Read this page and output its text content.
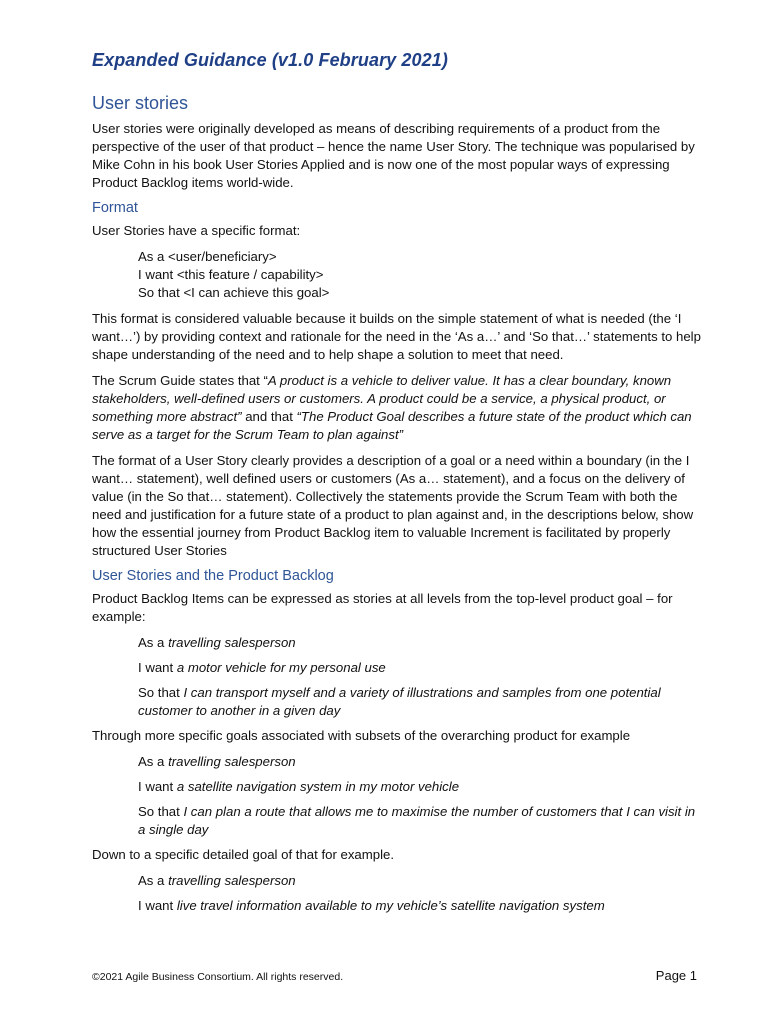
Expanded Guidance (v1.0 February 2021)
User stories

User stories were originally developed as means of describing requirements of a product from the perspective of the user of that product – hence the name User Story. The technique was popularised by Mike Cohn in his book User Stories Applied and is now one of the most popular ways of expressing Product Backlog items world-wide.

Format

User Stories have a specific format:

As a <user/beneficiary>
I want <this feature / capability>
So that <I can achieve this goal>

This format is considered valuable because it builds on the simple statement of what is needed (the ‘I want…’) by providing context and rationale for the need in the ‘As a…’ and ‘So that…’ statements to help shape understanding of the need and to help shape a solution to meet that need.

The Scrum Guide states that “A product is a vehicle to deliver value. It has a clear boundary, known stakeholders, well-defined users or customers. A product could be a service, a physical product, or something more abstract” and that “The Product Goal describes a future state of the product which can serve as a target for the Scrum Team to plan against”

The format of a User Story clearly provides a description of a goal or a need within a boundary (in the I want… statement), well defined users or customers (As a… statement), and a focus on the delivery of value (in the So that… statement). Collectively the statements provide the Scrum Team with both the need and justification for a future state of a product to plan against and, in the descriptions below, show how the essential journey from Product Backlog item to valuable Increment is facilitated by properly structured User Stories

User Stories and the Product Backlog

Product Backlog Items can be expressed as stories at all levels from the top-level product goal – for example:

As a travelling salesperson
I want a motor vehicle for my personal use
So that I can transport myself and a variety of illustrations and samples from one potential customer to another in a given day

Through more specific goals associated with subsets of the overarching product for example

As a travelling salesperson
I want a satellite navigation system in my motor vehicle
So that I can plan a route that allows me to maximise the number of customers that I can visit in a single day

Down to a specific detailed goal of that for example.

As a travelling salesperson
I want live travel information available to my vehicle’s satellite navigation system
©2021 Agile Business Consortium. All rights reserved.	Page 1
